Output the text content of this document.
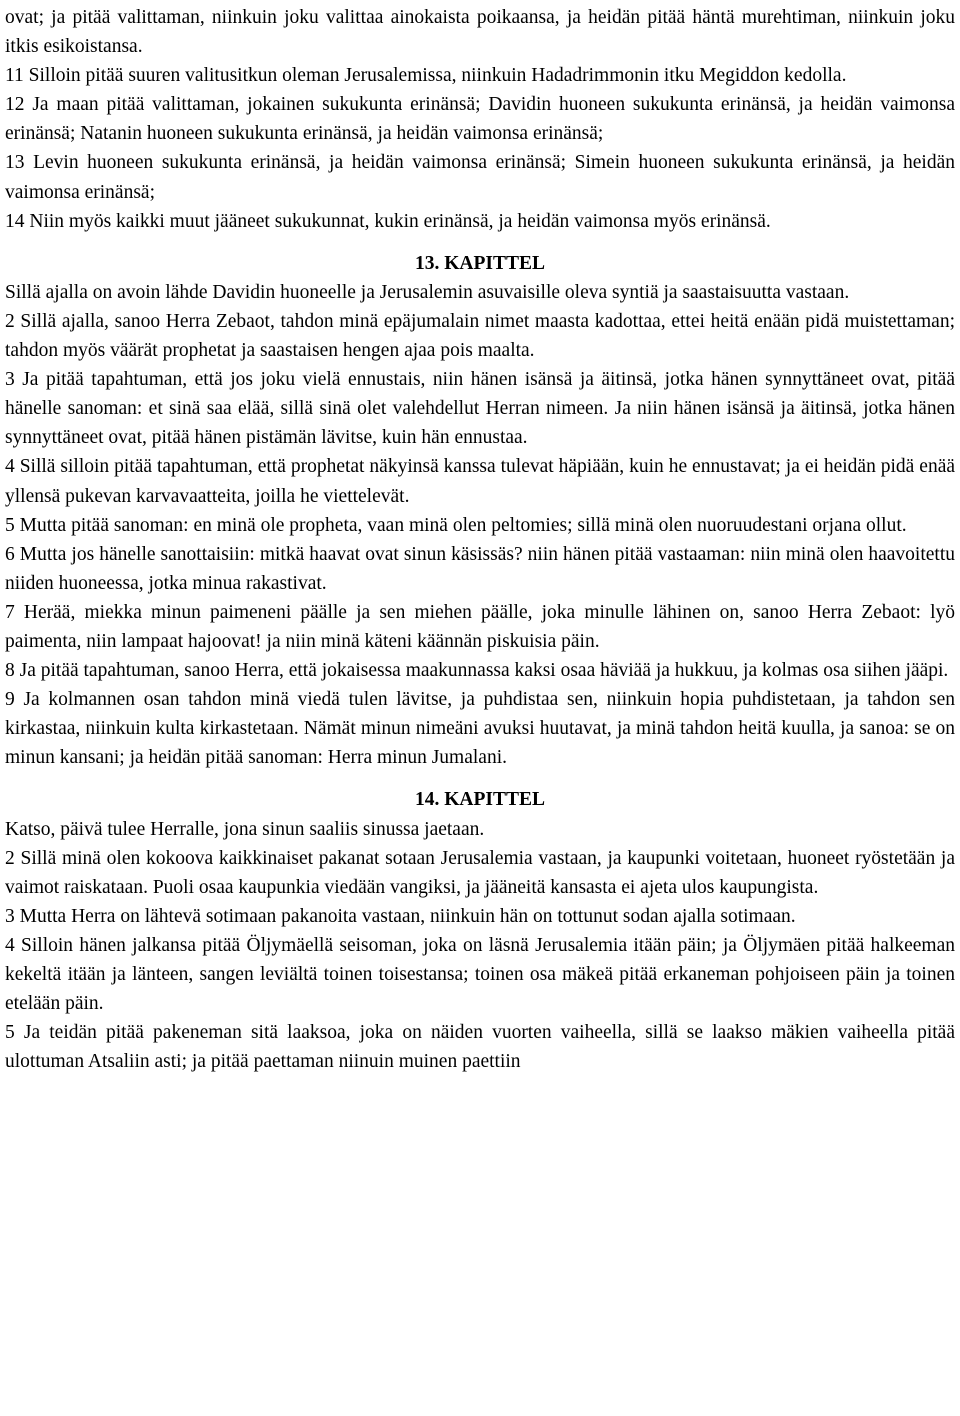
ovat; ja pitää valittaman, niinkuin joku valittaa ainokaista poikaansa, ja heidän pitää häntä murehtiman, niinkuin joku itkis esikoistansa.

11 Silloin pitää suuren valitusitkun oleman Jerusalemissa, niinkuin Hadadrimmonin itku Megiddon kedolla.

12 Ja maan pitää valittaman, jokainen sukukunta erinänsä; Davidin huoneen sukukunta erinänsä, ja heidän vaimonsa erinänsä; Natanin huoneen sukukunta erinänsä, ja heidän vaimonsa erinänsä;

13 Levin huoneen sukukunta erinänsä, ja heidän vaimonsa erinänsä; Simein huoneen sukukunta erinänsä, ja heidän vaimonsa erinänsä;

14 Niin myös kaikki muut jääneet sukukunnat, kukin erinänsä, ja heidän vaimonsa myös erinänsä.

13. KAPITTEL

Sillä ajalla on avoin lähde Davidin huoneelle ja Jerusalemin asuvaisille oleva syntiä ja saastaisuutta vastaan.

2 Sillä ajalla, sanoo Herra Zebaot, tahdon minä epäjumalain nimet maasta kadottaa, ettei heitä enään pidä muistettaman; tahdon myös väärät prophetat ja saastaisen hengen ajaa pois maalta.

3 Ja pitää tapahtuman, että jos joku vielä ennustais, niin hänen isänsä ja äitinsä, jotka hänen synnyttäneet ovat, pitää hänelle sanoman: et sinä saa elää, sillä sinä olet valehdellut Herran nimeen. Ja niin hänen isänsä ja äitinsä, jotka hänen synnyttäneet ovat, pitää hänen pistämän lävitse, kuin hän ennustaa.

4 Sillä silloin pitää tapahtuman, että prophetat näkyinsä kanssa tulevat häpiään, kuin he ennustavat; ja ei heidän pidä enää yllensä pukevan karvavaatteita, joilla he viettelevät.

5 Mutta pitää sanoman: en minä ole propheta, vaan minä olen peltomies; sillä minä olen nuoruudestani orjana ollut.

6 Mutta jos hänelle sanottaisiin: mitkä haavat ovat sinun käsissäs? niin hänen pitää vastaaman: niin minä olen haavoitettu niiden huoneessa, jotka minua rakastivat.

7 Herää, miekka minun paimeneni päälle ja sen miehen päälle, joka minulle lähinen on, sanoo Herra Zebaot: lyö paimenta, niin lampaat hajoovat! ja niin minä käteni käännän piskuisia päin.

8 Ja pitää tapahtuman, sanoo Herra, että jokaisessa maakunnassa kaksi osaa häviää ja hukkuu, ja kolmas osa siihen jääpi.

9 Ja kolmannen osan tahdon minä viedä tulen lävitse, ja puhdistaa sen, niinkuin hopia puhdistetaan, ja tahdon sen kirkastaa, niinkuin kulta kirkastetaan. Nämät minun nimeäni avuksi huutavat, ja minä tahdon heitä kuulla, ja sanoa: se on minun kansani; ja heidän pitää sanoman: Herra minun Jumalani.

14. KAPITTEL

Katso, päivä tulee Herralle, jona sinun saaliis sinussa jaetaan.

2 Sillä minä olen kokoova kaikkinaiset pakanat sotaan Jerusalemia vastaan, ja kaupunki voitetaan, huoneet ryöstetään ja vaimot raiskataan. Puoli osaa kaupunkia viedään vangiksi, ja jääneitä kansasta ei ajeta ulos kaupungista.

3 Mutta Herra on lähtevä sotimaan pakanoita vastaan, niinkuin hän on tottunut sodan ajalla sotimaan.

4 Silloin hänen jalkansa pitää Öljymäellä seisoman, joka on läsnä Jerusalemia itään päin; ja Öljymäen pitää halkeeman kekeltä itään ja länteen, sangen leviältä toinen toisestansa; toinen osa mäkeä pitää erkaneman pohjoiseen päin ja toinen etelään päin.

5 Ja teidän pitää pakeneman sitä laaksoa, joka on näiden vuorten vaiheella, sillä se laakso mäkien vaiheella pitää ulottuman Atsaliin asti; ja pitää paettaman niinuin muinen paettiin
